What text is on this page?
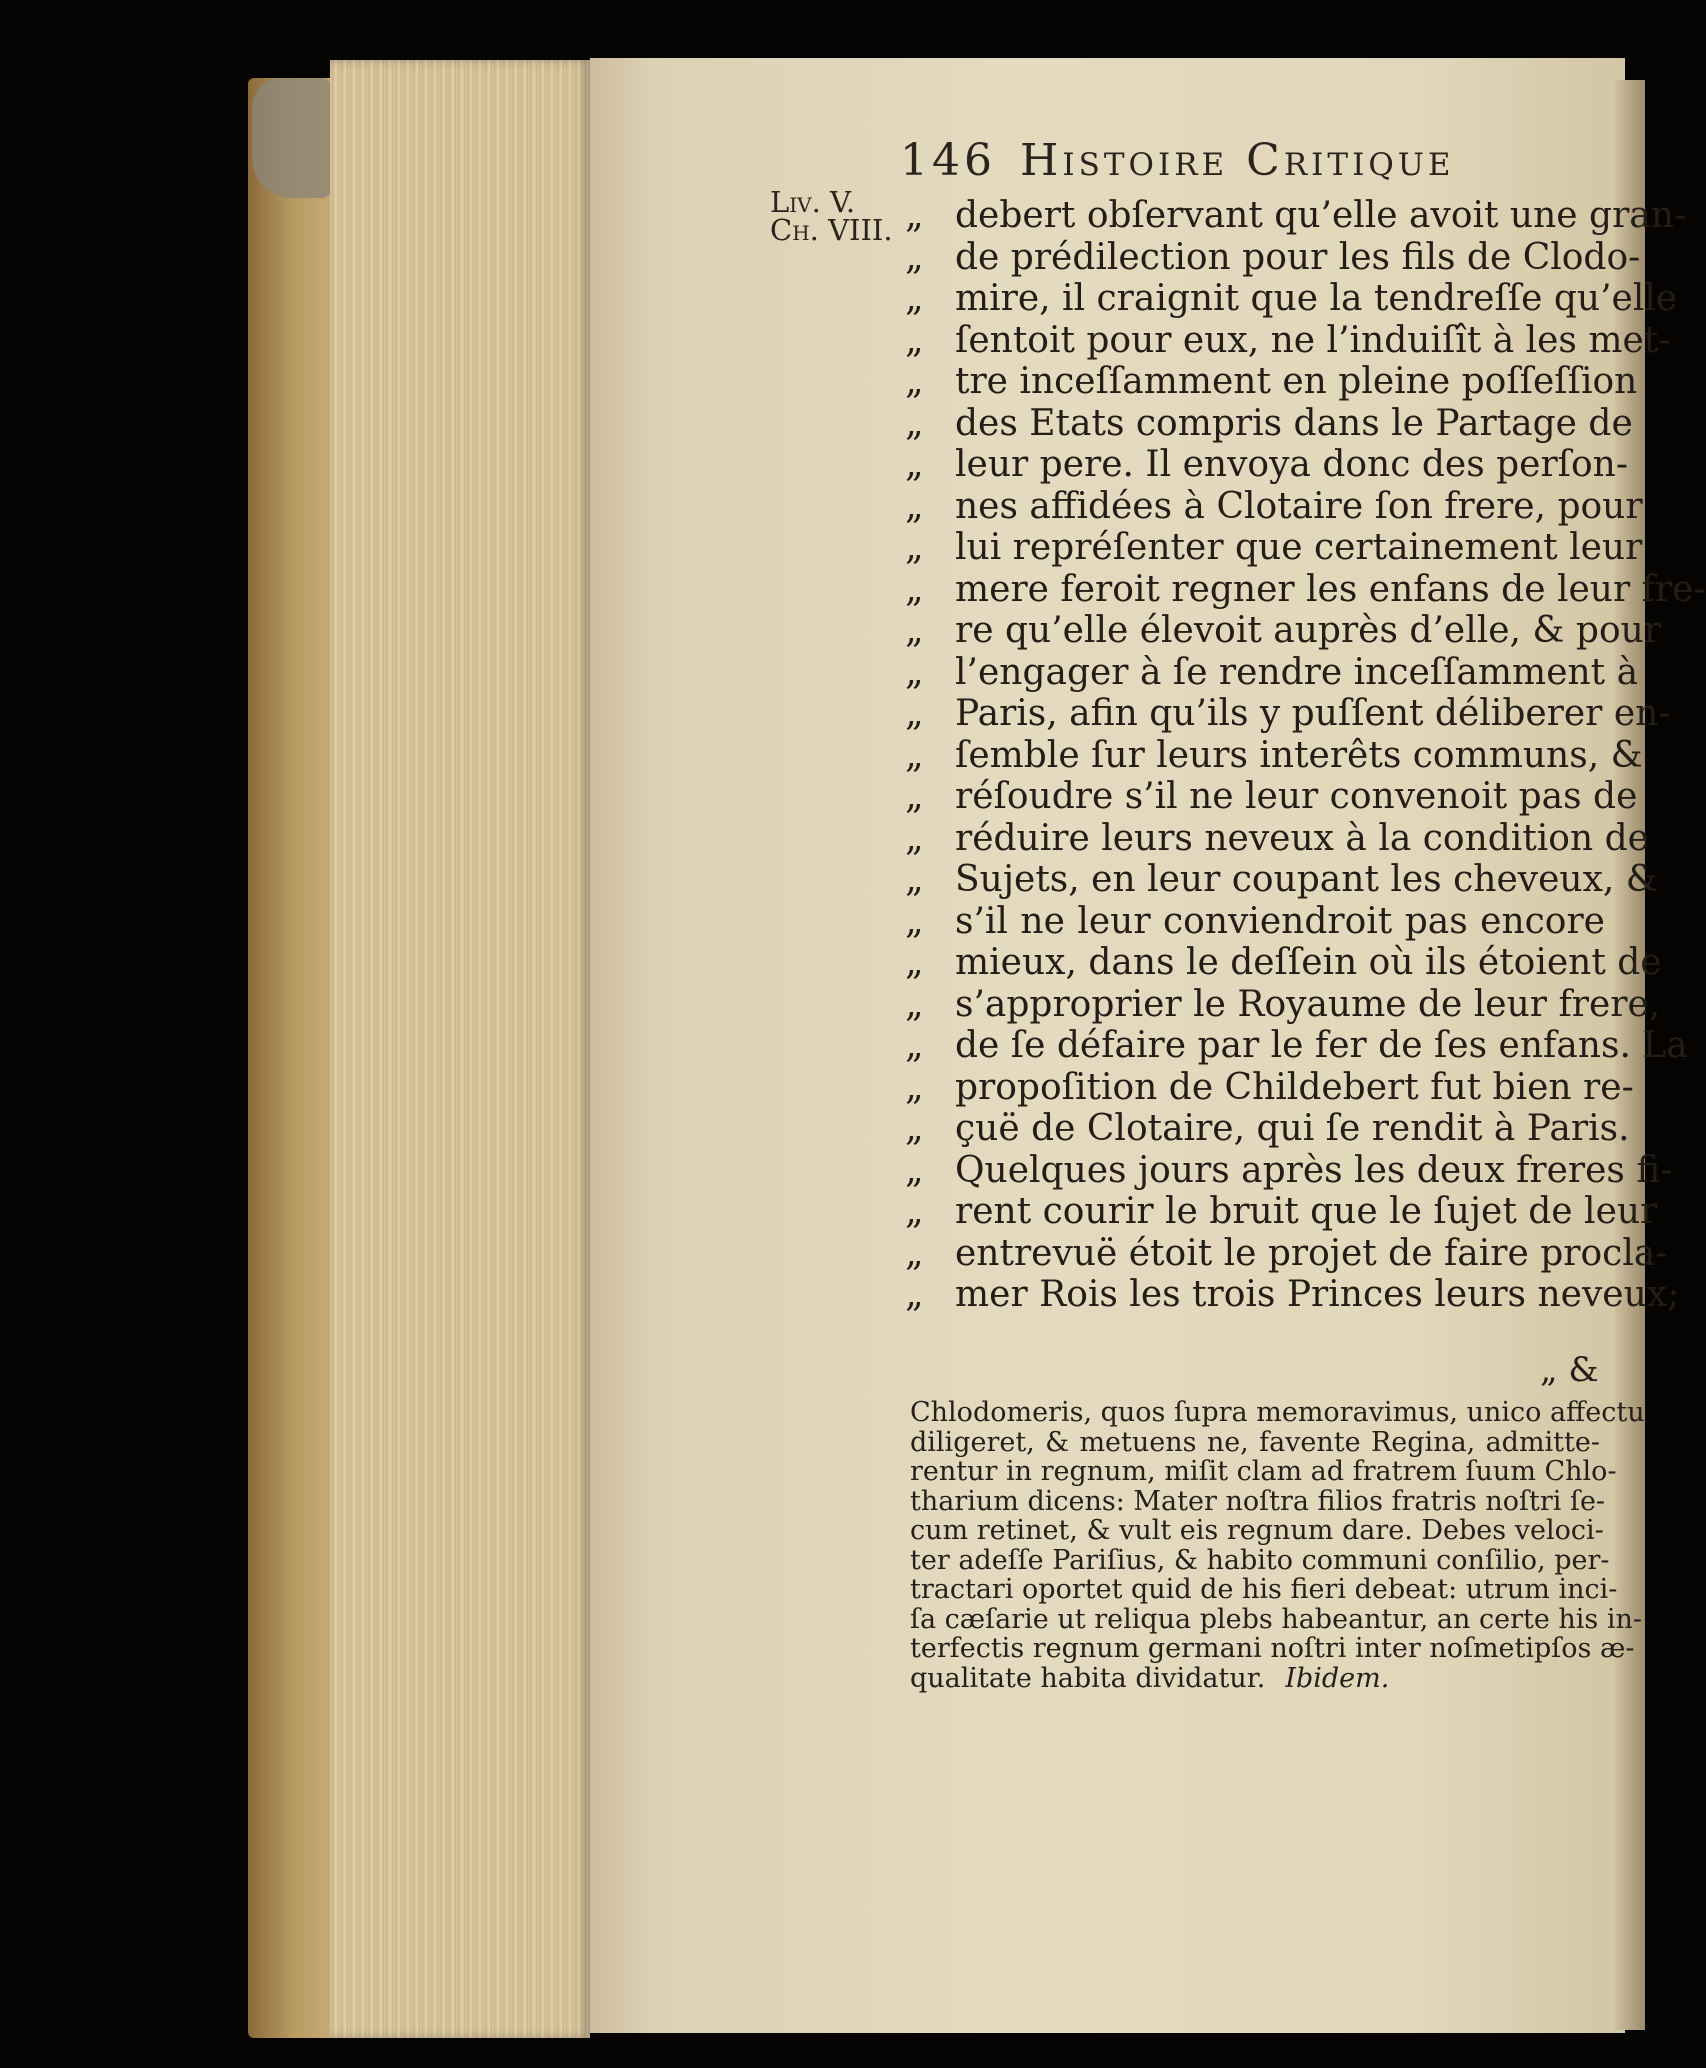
146 Histoire Critique
Liv. V.
Ch. VIII. „ debert obſervant qu’elle avoit une gran-
„ de prédilection pour les fils de Clodo-
„ mire, il craignit que la tendreſſe qu’elle
„ ſentoit pour eux, ne l’induiſît à les met-
„ tre inceſſamment en pleine poſſeſſion
„ des Etats compris dans le Partage de
„ leur pere. Il envoya donc des perſon-
„ nes affidées à Clotaire ſon frere, pour
„ lui repréſenter que certainement leur
„ mere feroit regner les enfans de leur fre-
„ re qu’elle élevoit auprès d’elle, & pour
„ l’engager à ſe rendre inceſſamment à
„ Paris, afin qu’ils y puſſent déliberer en-
„ ſemble ſur leurs interêts communs, &
„ réſoudre s’il ne leur convenoit pas de
„ réduire leurs neveux à la condition de
„ Sujets, en leur coupant les cheveux, &
„ s’il ne leur conviendroit pas encore
„ mieux, dans le deſſein où ils étoient de
„ s’approprier le Royaume de leur frere,
„ de ſe défaire par le fer de ſes enfans. La
„ propoſition de Childebert fut bien re-
„ çuë de Clotaire, qui ſe rendit à Paris.
„ Quelques jours après les deux freres fi-
„ rent courir le bruit que le ſujet de leur
„ entrevuë étoit le projet de faire procla-
„ mer Rois les trois Princes leurs neveux;
„ &
Chlodomeris, quos ſupra memoravimus, unico affectu
diligeret, & metuens ne, favente Regina, admitte-
rentur in regnum, miſit clam ad fratrem ſuum Chlo-
tharium dicens: Mater noſtra filios fratris noſtri ſe-
cum retinet, & vult eis regnum dare. Debes veloci-
ter adeſſe Pariſius, & habito communi conſilio, per-
tractari oportet quid de his fieri debeat: utrum inci-
ſa cæſarie ut reliqua plebs habeantur, an certe his in-
terfectis regnum germani noſtri inter noſmetipſos æ-
qualitate habita dividatur. Ibidem.
